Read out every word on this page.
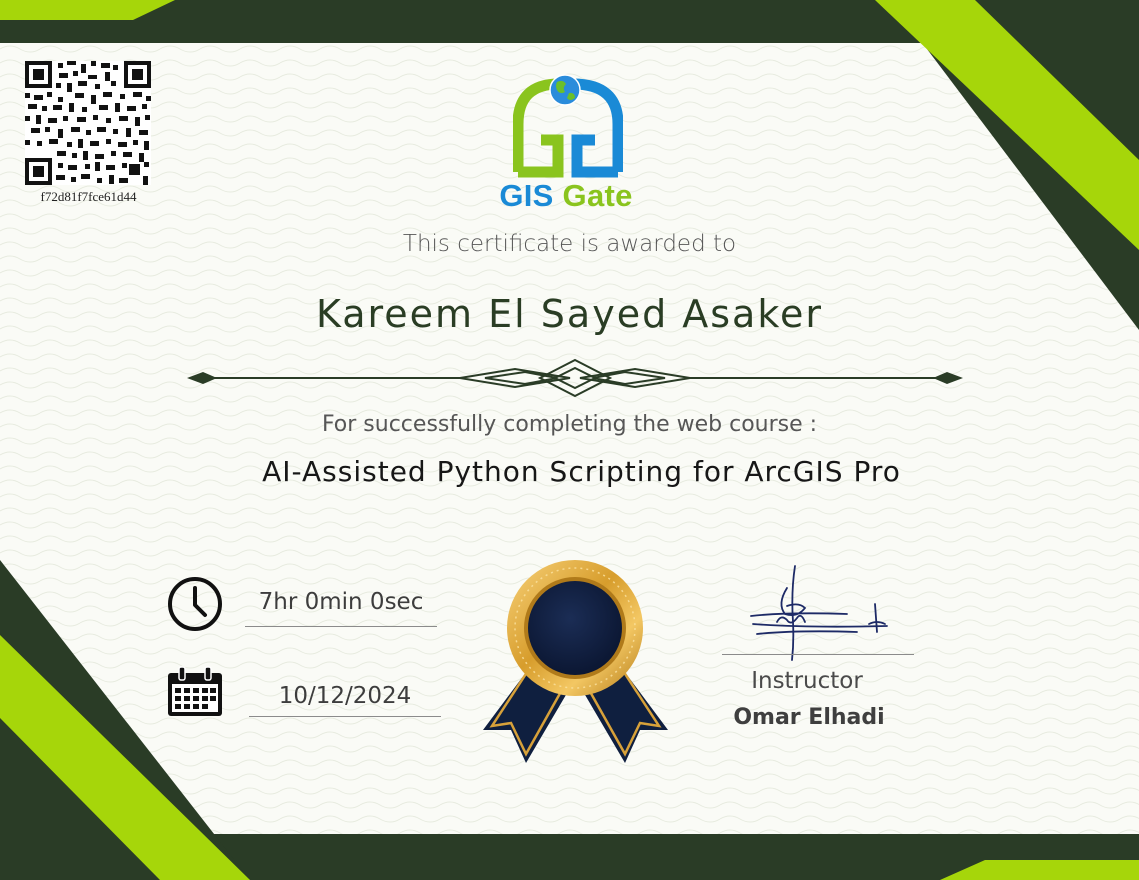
f72d81f7fce61d44	GIS Gate
This certificate is awarded to
Kareem El Sayed Asaker
For successfully completing the web course :
AI-Assisted Python Scripting for ArcGIS Pro
7hr 0min 0sec
10/12/2024
Instructor
Omar Elhadi
